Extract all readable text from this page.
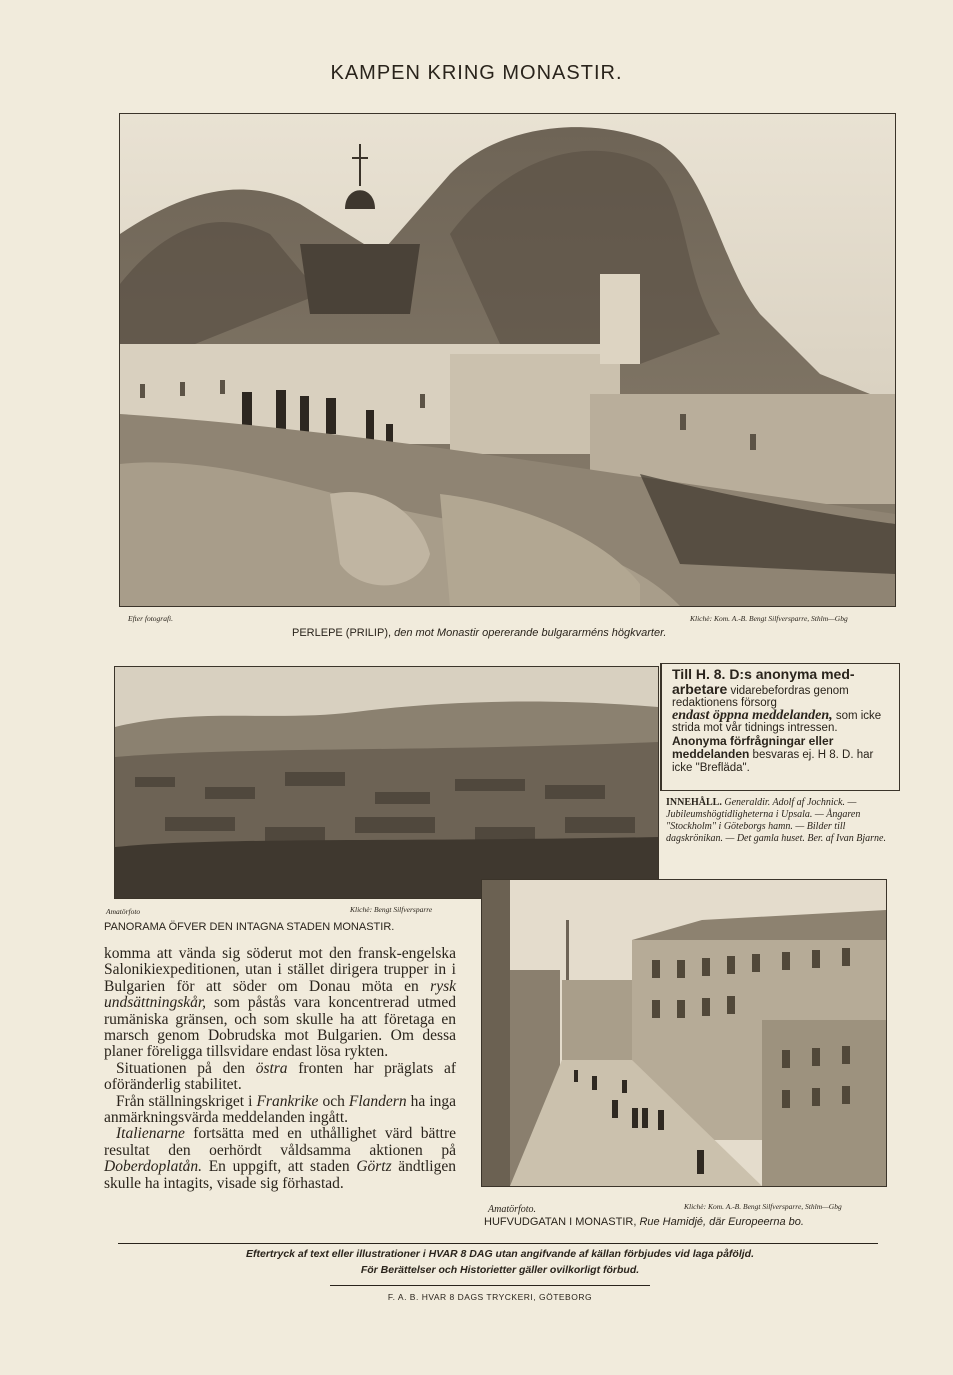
KAMPEN KRING MONASTIR.
Efter fotografi.	Klichè: Kom. A.-B. Bengt Silfversparre, Sthlm—Gbg
PERLEPE (PRILIP), den mot Monastir opererande bulgararméns högkvarter.
Amatörfoto	Klichè: Bengt Silfversparre
PANORAMA ÖFVER DEN INTAGNA STADEN MONASTIR.
Till H. 8. D:s anonyma med-arbetare vidarebefordras genom redaktionens försorg
endast öppna meddelanden, som icke strida mot vår tidnings intressen.
Anonyma förfrågningar eller meddelanden besvaras ej. H 8. D. har icke "Brefläda".
INNEHÅLL. Generaldir. Adolf af Jochnick. — Jubileumshögtidligheterna i Upsala. — Ångaren "Stockholm" i Göteborgs hamn. — Bilder till dagskrönikan. — Det gamla huset. Ber. af Ivan Bjarne.

komma att vända sig söderut mot den fransk-engelska Salonikiexpeditionen, utan i stället dirigera trupper in i Bulgarien för att söder om Donau möta en rysk undsättningskår, som påstås vara koncentrerad utmed rumäniska gränsen, och som skulle ha att företaga en marsch genom Dobrudska mot Bulgarien. Om dessa planer föreligga tillsvidare endast lösa rykten.

Situationen på den östra fronten har präglats af oföränderlig stabilitet.

Från ställningskriget i Frankrike och Flandern ha inga anmärkningsvärda meddelanden ingått.

Italienarne fortsätta med en uthållighet värd bättre resultat den oerhördt våldsamma aktionen på Doberdoplatån. En uppgift, att staden Görtz ändtligen skulle ha intagits, visade sig förhastad.

Amatörfoto.	Klichè: Kom. A.-B. Bengt Silfversparre, Sthlm—Gbg
HUFVUDGATAN I MONASTIR, Rue Hamidjé, där Europeerna bo.
Eftertryck af text eller illustrationer i HVAR 8 DAG utan angifvande af källan förbjudes vid laga påföljd.
För Berättelser och Historietter gäller ovilkorligt förbud.
F. A. B. HVAR 8 DAGS TRYCKERI, GÖTEBORG
